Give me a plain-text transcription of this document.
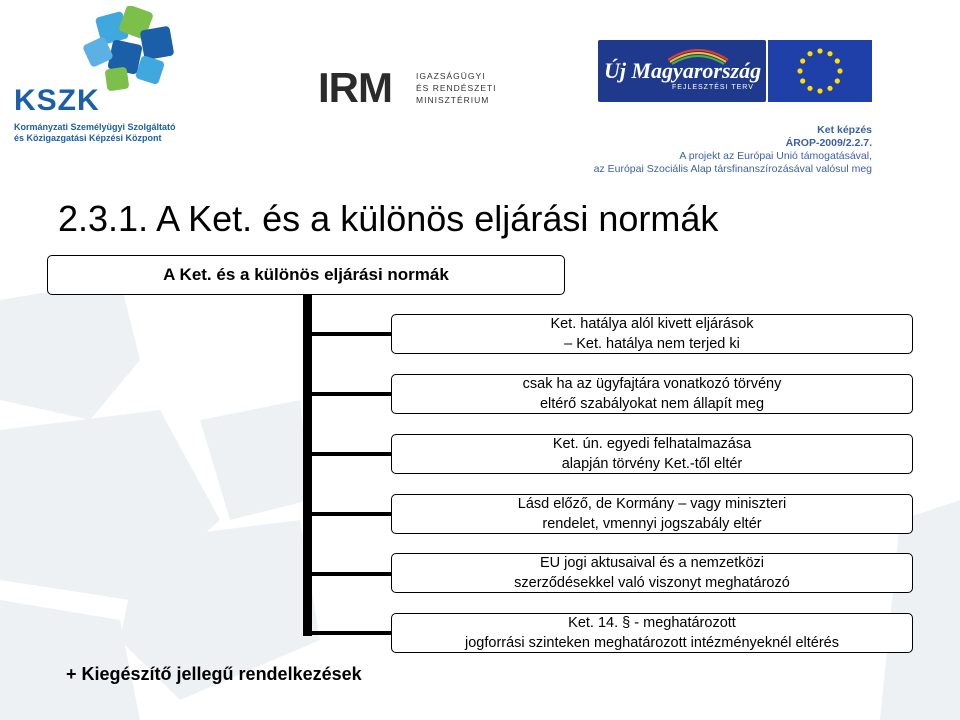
KSZK
Kormányzati Személyügyi Szolgáltató
és Közigazgatási Képzési Központ
IRM	IGAZSÁGÜGYI
ÉS RENDÉSZETI
MINISZTÉRIUM
Új Magyarország
FEJLESZTÉSI TERV
Ket képzés
ÁROP-2009/2.2.7.
A projekt az Európai Unió támogatásával,
az Európai Szociális Alap társfinanszírozásával valósul meg
2.3.1. A Ket. és a különös eljárási normák
A Ket. és a különös eljárási normák
Ket. hatálya alól kivett eljárások
– Ket. hatálya nem terjed ki
csak ha az ügyfajtára vonatkozó törvény
eltérő szabályokat nem állapít meg
Ket. ún. egyedi felhatalmazása
alapján törvény Ket.-től eltér
Lásd előző, de Kormány – vagy miniszteri
rendelet, vmennyi jogszabály eltér
EU jogi aktusaival és a nemzetközi
szerződésekkel való viszonyt meghatározó
Ket. 14. § - meghatározott
jogforrási szinteken meghatározott intézményeknél eltérés
+ Kiegészítő jellegű rendelkezések
